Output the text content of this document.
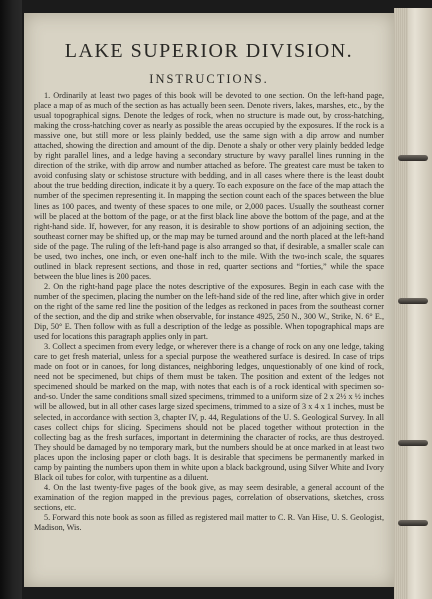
LAKE SUPERIOR DIVISION.
INSTRUCTIONS.

1. Ordinarily at least two pages of this book will be devoted to one section. On the left-hand page, place a map of as much of the section as has actually been seen. Denote rivers, lakes, marshes, etc., by the usual topographical signs. Denote the ledges of rock, when no structure is made out, by cross-hatching, making the cross-hatching cover as nearly as possible the areas occupied by the exposures. If the rock is a massive one, but still more or less plainly bedded, use the same sign with a dip arrow and number attached, showing the direction and amount of the dip. Denote a shaly or other very plainly bedded ledge by right parallel lines, and a ledge having a secondary structure by wavy parallel lines running in the direction of the strike, with dip arrow and number attached as before. The greatest care must be taken to avoid confusing slaty or schistose structure with bedding, and in all cases where there is the least doubt about the true bedding direction, indicate it by a query. To each exposure on the face of the map attach the number of the specimen representing it. In mapping the section count each of the spaces between the blue lines as 100 paces, and twenty of these spaces to one mile, or 2,000 paces. Usually the southeast corner will be placed at the bottom of the page, or at the first black line above the bottom of the page, and at the right-hand side. If, however, for any reason, it is desirable to show portions of an adjoining section, the southeast corner may be shifted up, or the map may be turned around and the north placed at the left-hand side of the page. The ruling of the left-hand page is also arranged so that, if desirable, a smaller scale can be used, two inches, one inch, or even one-half inch to the mile. With the two-inch scale, the squares outlined in black represent sections, and those in red, quarter sections and “forties,” while the space between the blue lines is 200 paces.

2. On the right-hand page place the notes descriptive of the exposures. Begin in each case with the number of the specimen, placing the number on the left-hand side of the red line, after which give in order on the right of the same red line the position of the ledges as reckoned in paces from the southeast corner of the section, and the dip and strike when observable, for instance 4925, 250 N., 300 W., Strike, N. 6° E., Dip, 50° E. Then follow with as full a description of the ledge as possible. When topographical maps are used for locations this paragraph applies only in part.

3. Collect a specimen from every ledge, or wherever there is a change of rock on any one ledge, taking care to get fresh material, unless for a special purpose the weathered surface is desired. In case of trips made on foot or in canoes, for long distances, neighboring ledges, unquestionably of one kind of rock, need not be specimened, but chips of them must be taken. The position and extent of the ledges not specimened should be marked on the map, with notes that each is of a rock identical with specimen so-and-so. Under the same conditions small sized specimens, trimmed to a uniform size of 2 x 2½ x ½ inches will be allowed, but in all other cases large sized specimens, trimmed to a size of 3 x 4 x 1 inches, must be selected, in accordance with section 3, chapter IV, p. 44, Regulations of the U. S. Geological Survey. In all cases collect chips for slicing. Specimens should not be placed together without protection in the collecting bag as the fresh surfaces, important in determining the character of rocks, are thus destroyed. They should be damaged by no temporary mark, but the numbers should be at once marked in at least two places upon the inclosing paper or cloth bags. It is desirable that specimens be permanently marked in camp by painting the numbers upon them in white upon a black background, using Silver White and Ivory Black oil tubes for color, with turpentine as a diluent.

4. On the last twenty-five pages of the book give, as may seem desirable, a general account of the examination of the region mapped in the previous pages, correlation of observations, sketches, cross sections, etc.

5. Forward this note book as soon as filled as registered mail matter to C. R. Van Hise, U. S. Geologist, Madison, Wis.
